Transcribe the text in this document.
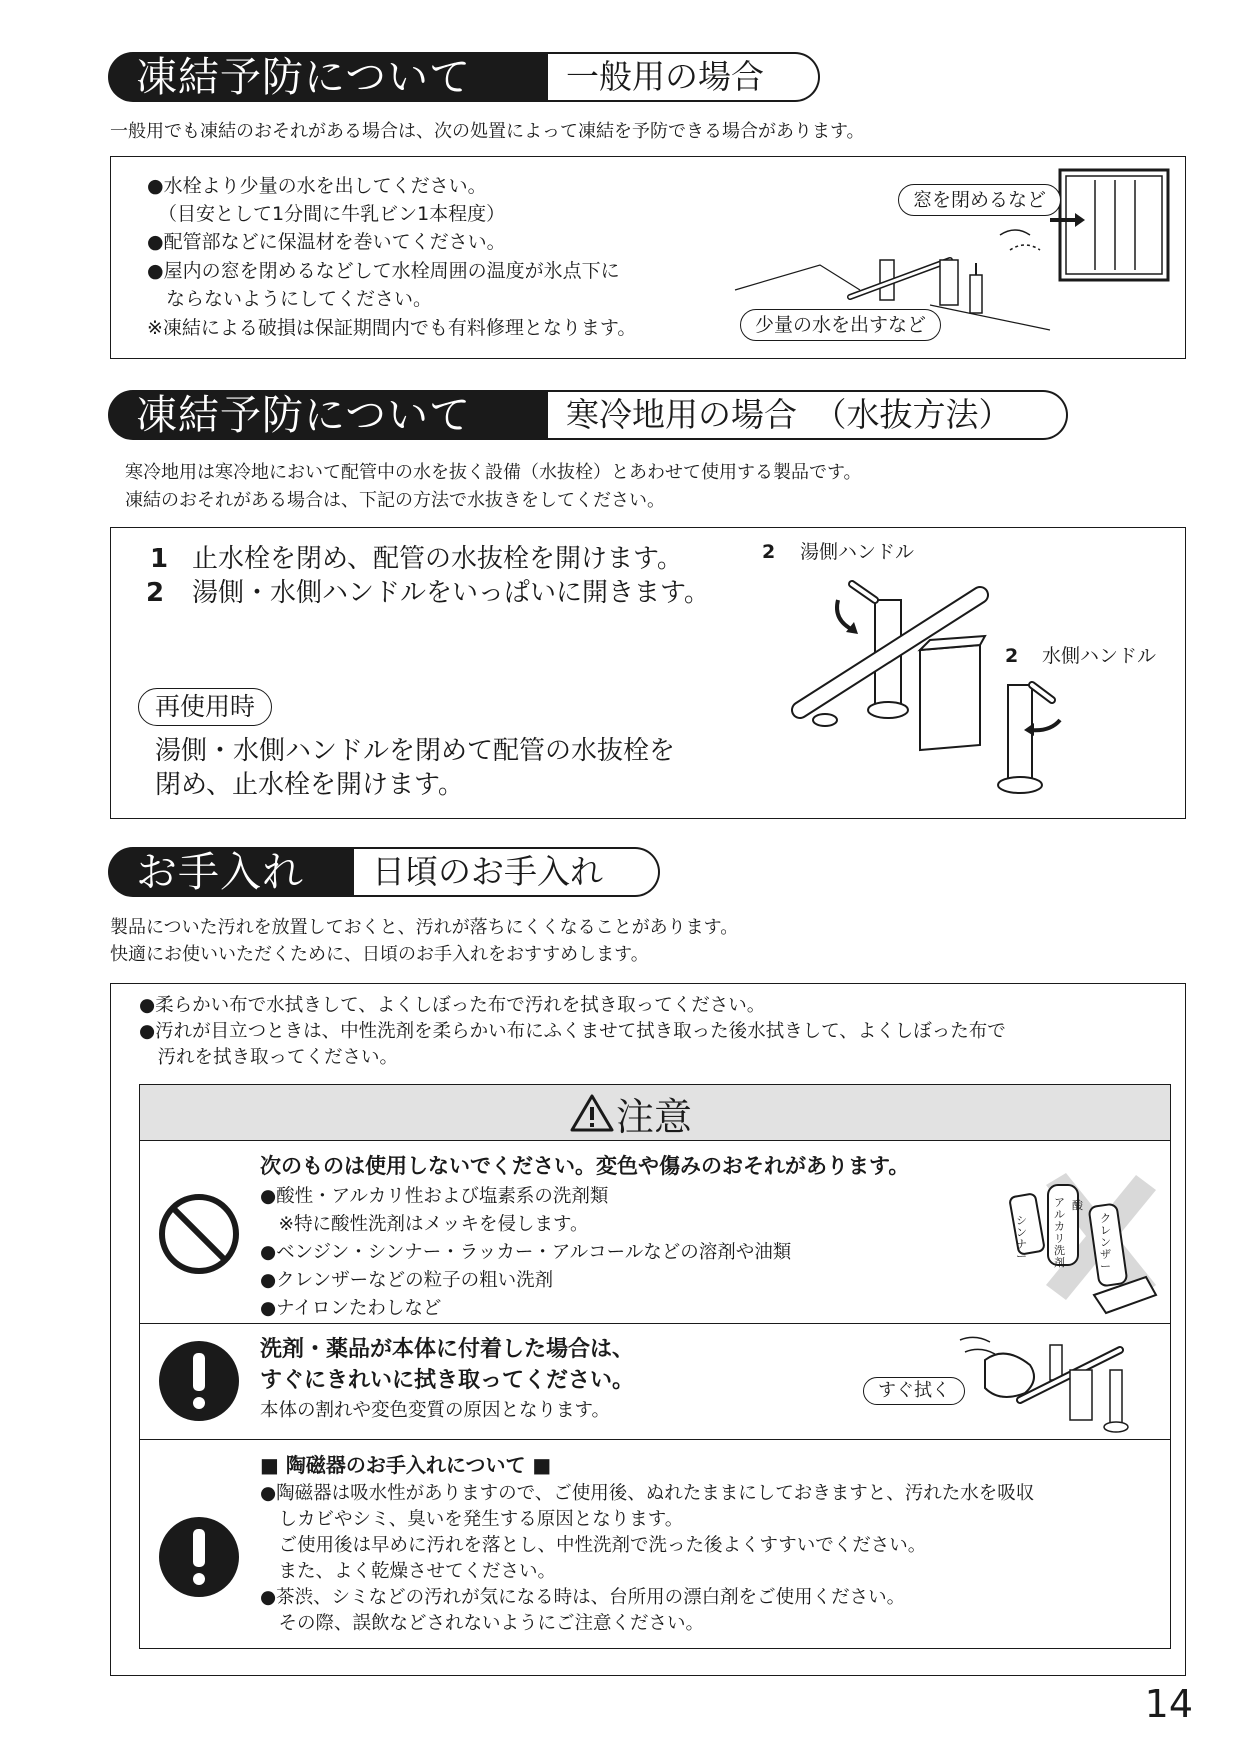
凍結予防について	一般用の場合
一般用でも凍結のおそれがある場合は、次の処置によって凍結を予防できる場合があります。
●水栓より少量の水を出してください。
（目安として1分間に牛乳ビン1本程度）
●配管部などに保温材を巻いてください。
●屋内の窓を閉めるなどして水栓周囲の温度が氷点下に
　ならないようにしてください。
※凍結による破損は保証期間内でも有料修理となります。
窓を閉めるなど
少量の水を出すなど
凍結予防について	寒冷地用の場合　（水抜方法）
寒冷地用は寒冷地において配管中の水を抜く設備（水抜栓）とあわせて使用する製品です。
凍結のおそれがある場合は、下記の方法で水抜きをしてください。
1 止水栓を閉め、配管の水抜栓を開けます。
2 湯側・水側ハンドルをいっぱいに開きます。
再使用時
湯側・水側ハンドルを閉めて配管の水抜栓を
閉め、止水栓を開けます。
2 湯側ハンドル
2 水側ハンドル
お手入れ	日頃のお手入れ
製品についた汚れを放置しておくと、汚れが落ちにくくなることがあります。
快適にお使いいただくために、日頃のお手入れをおすすめします。
●柔らかい布で水拭きして、よくしぼった布で汚れを拭き取ってください。
●汚れが目立つときは、中性洗剤を柔らかい布にふくませて拭き取った後水拭きして、よくしぼった布で
　汚れを拭き取ってください。
注意
次のものは使用しないでください。変色や傷みのおそれがあります。
●酸性・アルカリ性および塩素系の洗剤類
　※特に酸性洗剤はメッキを侵します。
●ベンジン・シンナー・ラッカー・アルコールなどの溶剤や油類
●クレンザーなどの粒子の粗い洗剤
●ナイロンたわしなど
シンナー
アルカリ洗剤
酸
クレンザー
洗剤・薬品が本体に付着した場合は、
すぐにきれいに拭き取ってください。
本体の割れや変色変質の原因となります。
すぐ拭く
■ 陶磁器のお手入れについて ■
●陶磁器は吸水性がありますので、ご使用後、ぬれたままにしておきますと、汚れた水を吸収
　しカビやシミ、臭いを発生する原因となります。
　ご使用後は早めに汚れを落とし、中性洗剤で洗った後よくすすいでください。
　また、よく乾燥させてください。
●茶渋、シミなどの汚れが気になる時は、台所用の漂白剤をご使用ください。
　その際、誤飲などされないようにご注意ください。
14
